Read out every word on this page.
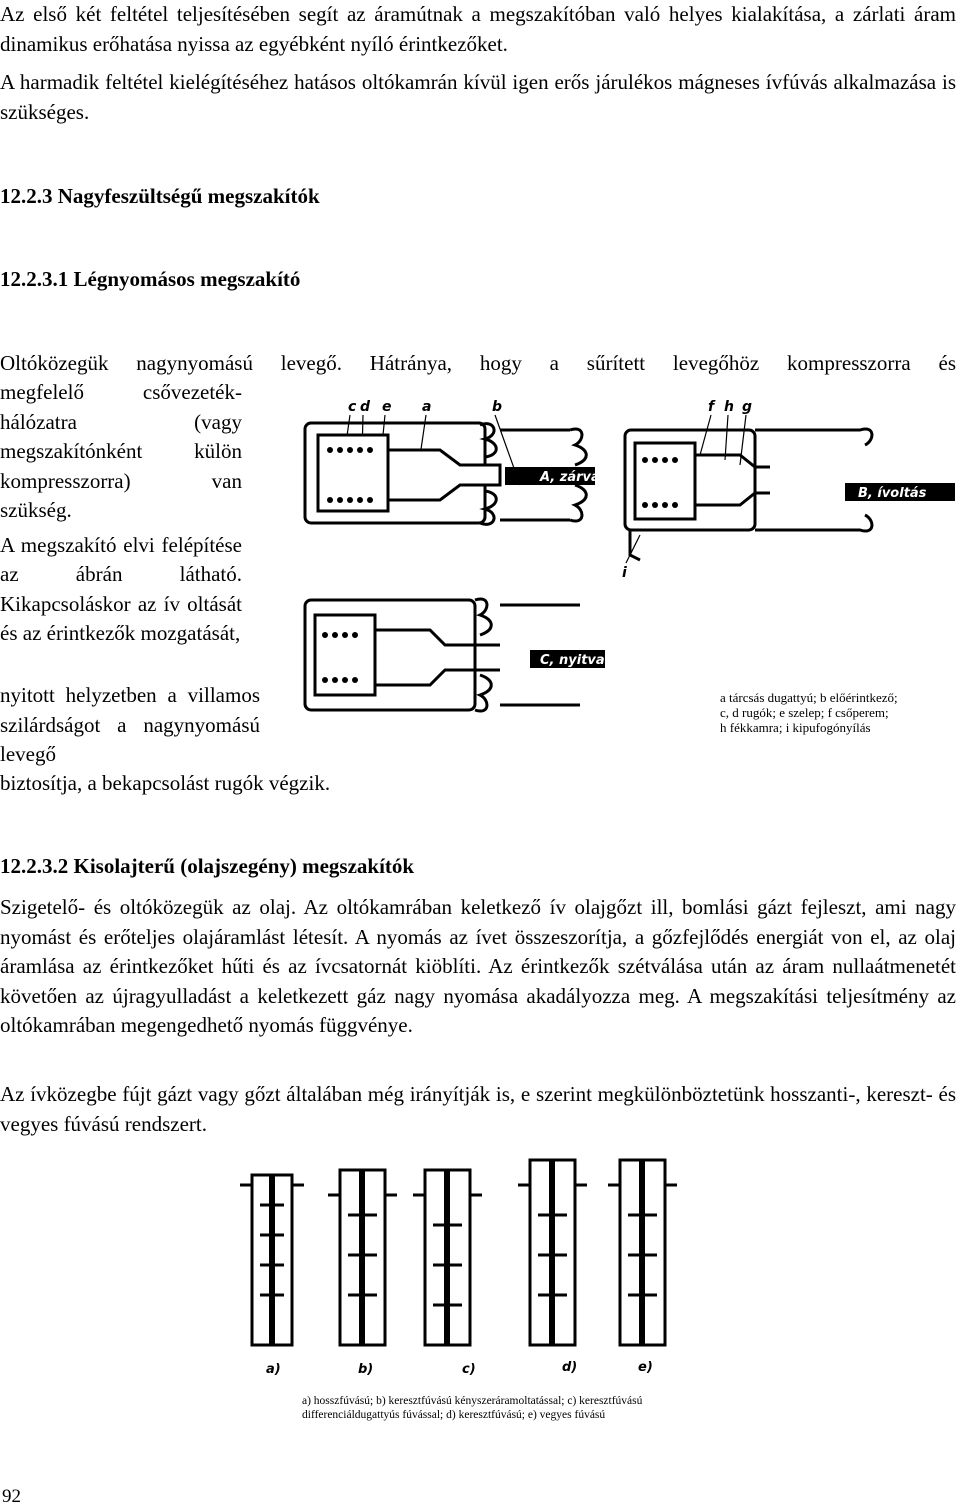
Az első két feltétel teljesítésében segít az áramútnak a megszakítóban való helyes kialakítása, a zárlati áram dinamikus erőhatása nyissa az egyébként nyíló érintkezőket.
A harmadik feltétel kielégítéséhez hatásos oltókamrán kívül igen erős járulékos mágneses ívfúvás alkalmazása is szükséges.
12.2.3 Nagyfeszültségű megszakítók
12.2.3.1 Légnyomásos megszakító
Oltóközegük nagynyomású levegő. Hátránya, hogy a sűrített levegőhöz kompresszorra és

megfelelő csővezeték-hálózatra (vagy megszakítónként külön kompresszorra) van szükség.

A megszakító elvi felépítése az ábrán látható. Kikapcsoláskor az ív oltását és az érintkezők mozgatását,

nyitott helyzetben a villamos szilárdságot a nagynyomású levegő
biztosítja, a bekapcsolást rugók végzik.
c d e a	b	f h g
i
A, zárva
B, ívoltás
C, nyitva
a tárcsás dugattyú; b előérintkező;
c, d rugók; e szelep; f csőperem;
h fékkamra; i kipufogónyílás
12.2.3.2 Kisolajterű (olajszegény) megszakítók
Szigetelő- és oltóközegük az olaj. Az oltókamrában keletkező ív olajgőzt ill, bomlási gázt fejleszt, ami nagy nyomást és erőteljes olajáramlást létesít. A nyomás az ívet összeszorítja, a gőzfejlődés energiát von el, az olaj áramlása az érintkezőket hűti és az ívcsatornát kiöblíti. Az érintkezők szétválása után az áram nullaátmenetét követően az újragyulladást a keletkezett gáz nagy nyomása akadályozza meg. A megszakítási teljesítmény az oltókamrában megengedhető nyomás függvénye.
Az ívközegbe fújt gázt vagy gőzt általában még irányítják is, e szerint megkülönböztetünk hosszanti-, kereszt- és vegyes fúvású rendszert.
a)	b)	c)	d)	e)
a) hosszfúvású; b) keresztfúvású kényszeráramoltatással; c) keresztfúvású
differenciáldugattyús fúvással; d) keresztfúvású; e) vegyes fúvású
92
